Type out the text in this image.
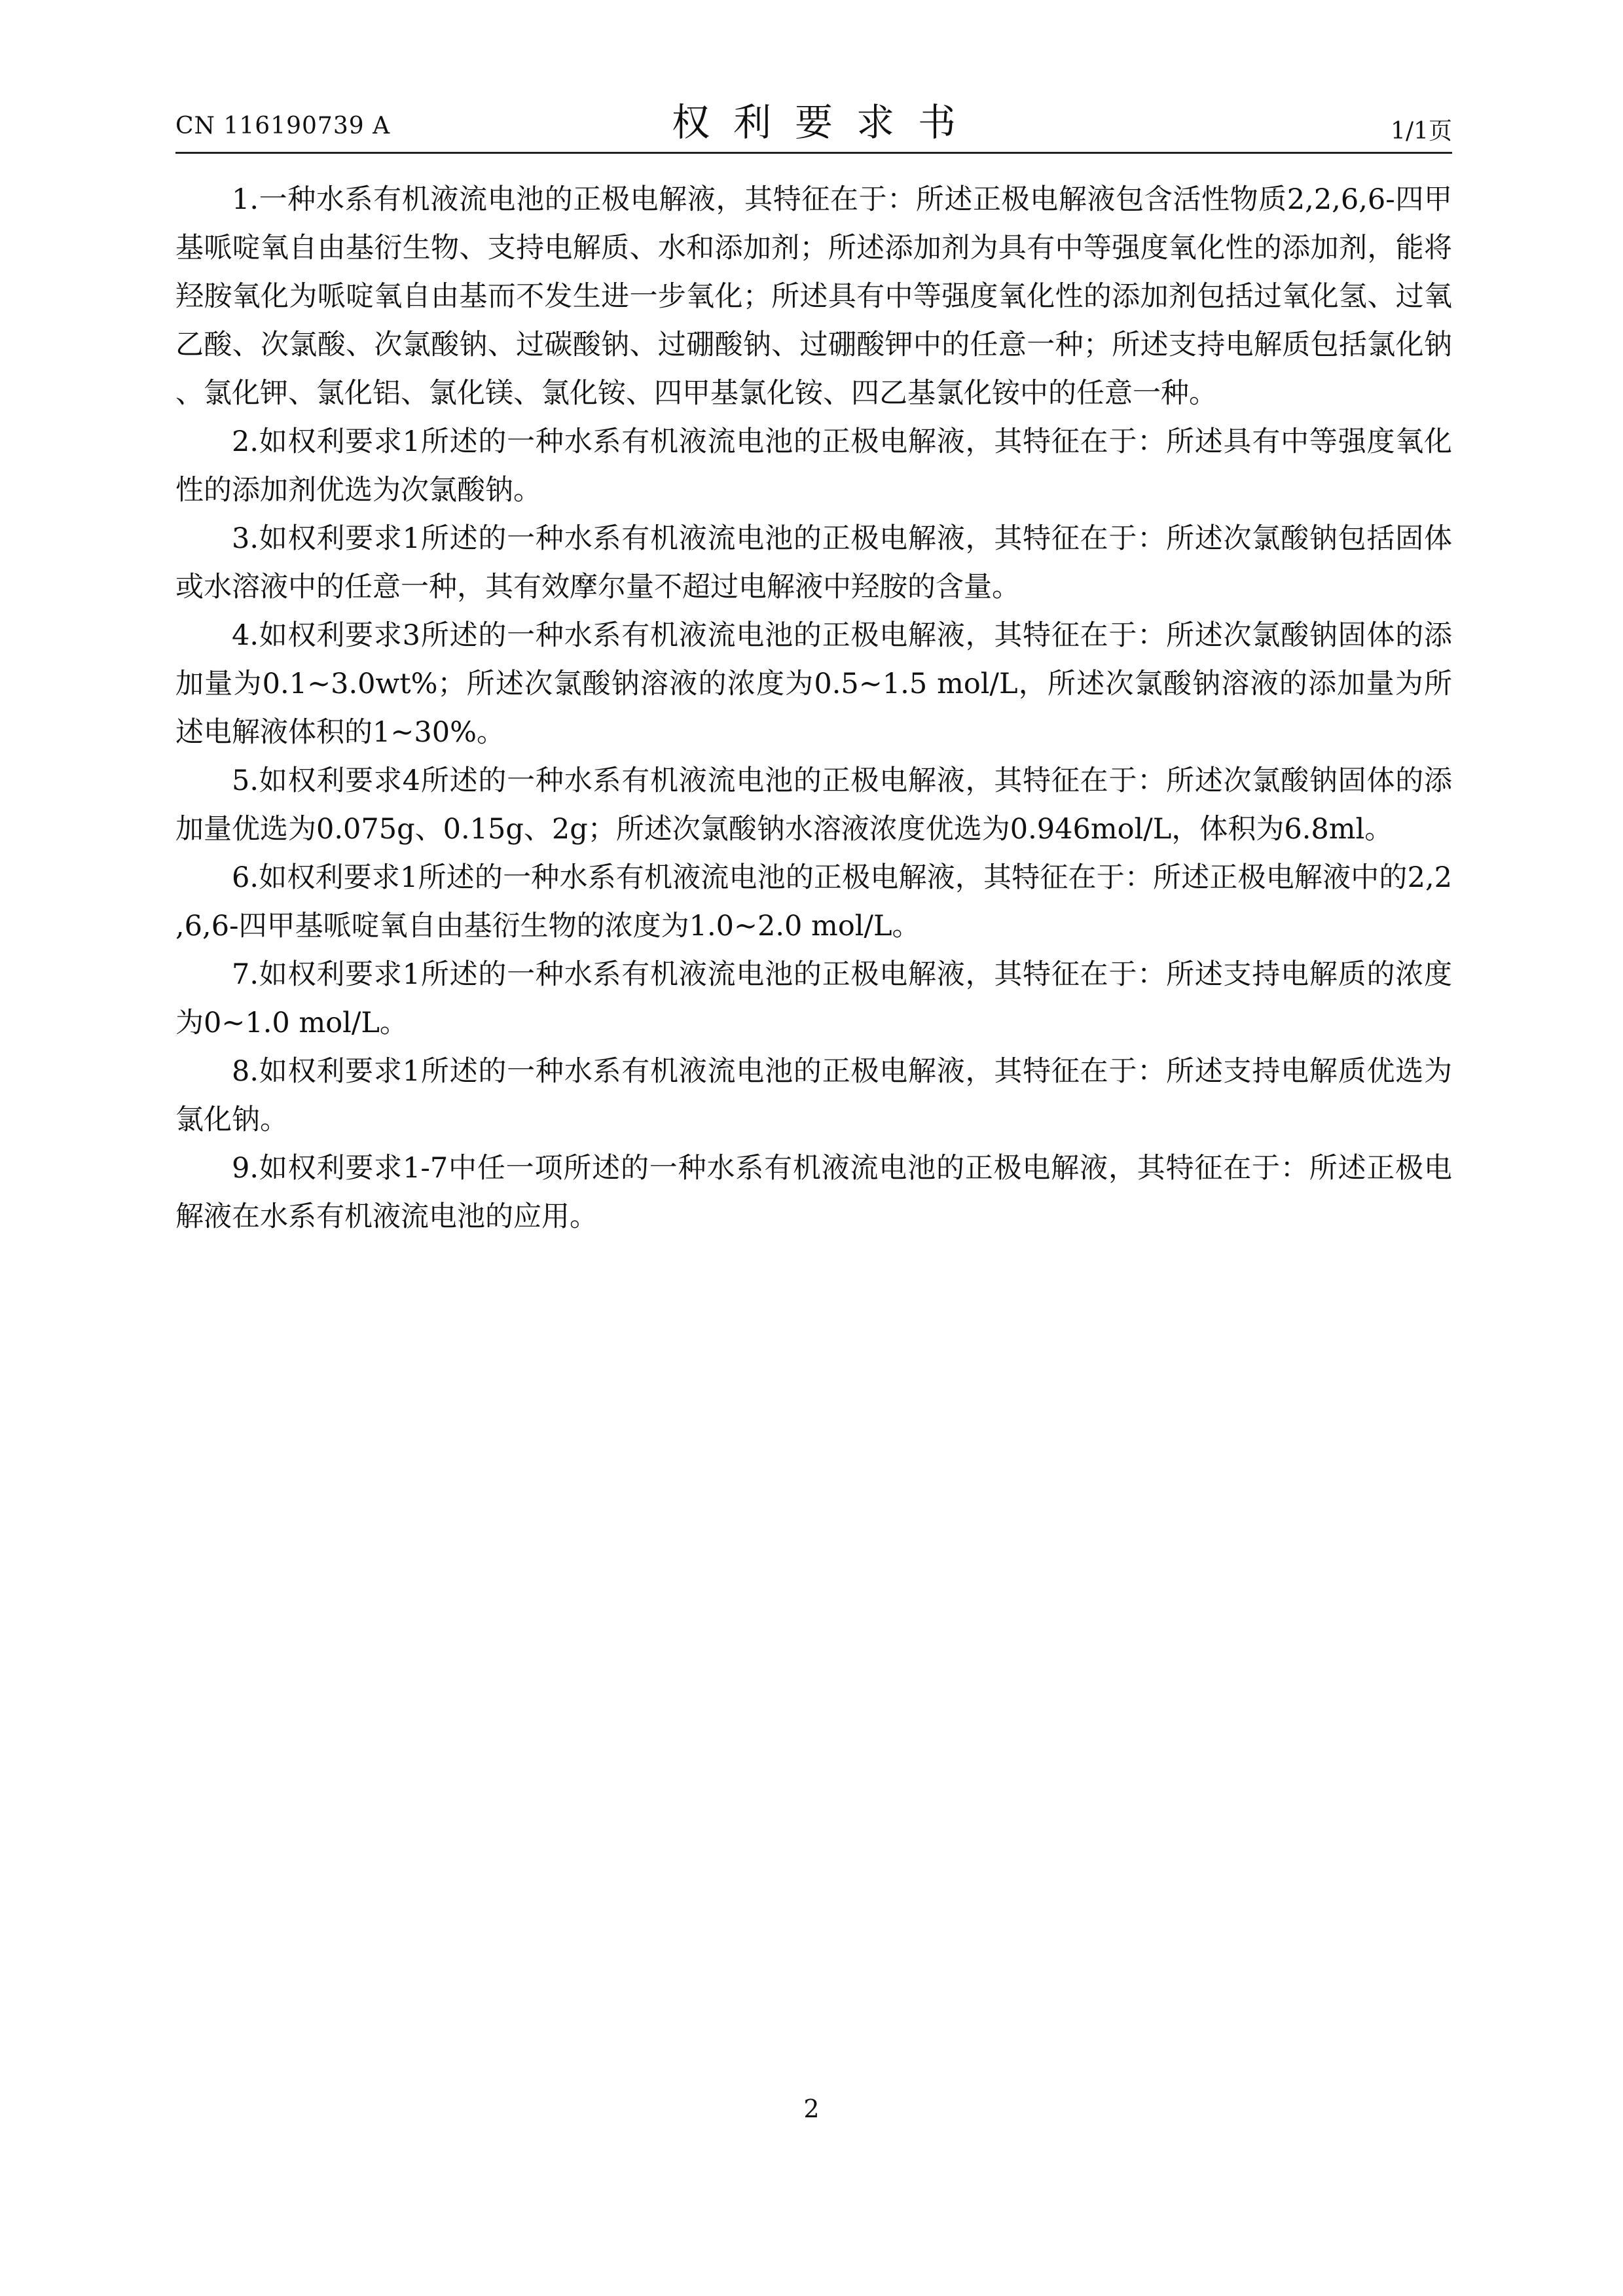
CN 116190739 A	权利要求书	1/1页

1.一种水系有机液流电池的正极电解液，其特征在于：所述正极电解液包含活性物质2,2,6,6-四甲基哌啶氧自由基衍生物、支持电解质、水和添加剂；所述添加剂为具有中等强度氧化性的添加剂，能将羟胺氧化为哌啶氧自由基而不发生进一步氧化；所述具有中等强度氧化性的添加剂包括过氧化氢、过氧乙酸、次氯酸、次氯酸钠、过碳酸钠、过硼酸钠、过硼酸钾中的任意一种；所述支持电解质包括氯化钠、氯化钾、氯化铝、氯化镁、氯化铵、四甲基氯化铵、四乙基氯化铵中的任意一种。

2.如权利要求1所述的一种水系有机液流电池的正极电解液，其特征在于：所述具有中等强度氧化性的添加剂优选为次氯酸钠。

3.如权利要求1所述的一种水系有机液流电池的正极电解液，其特征在于：所述次氯酸钠包括固体或水溶液中的任意一种，其有效摩尔量不超过电解液中羟胺的含量。

4.如权利要求3所述的一种水系有机液流电池的正极电解液，其特征在于：所述次氯酸钠固体的添加量为0.1~3.0wt%；所述次氯酸钠溶液的浓度为0.5~1.5 mol/L，所述次氯酸钠溶液的添加量为所述电解液体积的1~30%。

5.如权利要求4所述的一种水系有机液流电池的正极电解液，其特征在于：所述次氯酸钠固体的添加量优选为0.075g、0.15g、2g；所述次氯酸钠水溶液浓度优选为0.946mol/L，体积为6.8ml。

6.如权利要求1所述的一种水系有机液流电池的正极电解液，其特征在于：所述正极电解液中的2,2,6,6-四甲基哌啶氧自由基衍生物的浓度为1.0~2.0 mol/L。

7.如权利要求1所述的一种水系有机液流电池的正极电解液，其特征在于：所述支持电解质的浓度为0~1.0 mol/L。

8.如权利要求1所述的一种水系有机液流电池的正极电解液，其特征在于：所述支持电解质优选为氯化钠。

9.如权利要求1-7中任一项所述的一种水系有机液流电池的正极电解液，其特征在于：所述正极电解液在水系有机液流电池的应用。

2
